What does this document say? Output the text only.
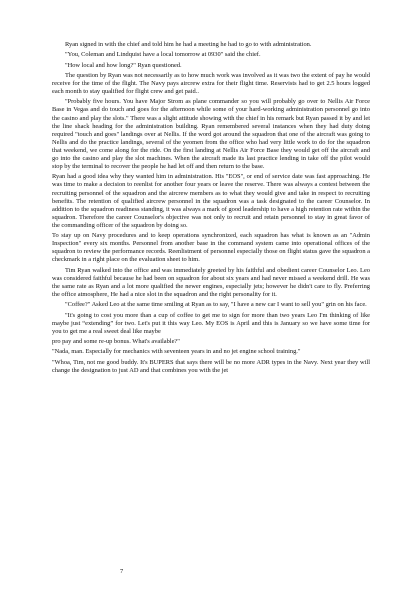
Ryan signed in with the chief and told him he had a meeting he had to go to with administration.

"You, Coleman and Lindquist have a local tomorrow at 0930" said the chief.

"How local and how long?" Ryan questioned.

The question by Ryan was not necessarily as to how much work was involved as it was two the extent of pay he would receive for the time of the flight. The Navy pays aircrew extra for their flight time. Reservists had to get 2.5 hours logged each month to stay qualified for flight crew and get paid..

"Probably five hours. You have Major Strom as plane commander so you will probably go over to Nellis Air Force Base in Vegas and do touch and goes for the afternoon while some of your hard-working administration personnel go into the casino and play the slots." There was a slight attitude showing with the chief in his remark but Ryan passed it by and let the line shack heading for the administration building. Ryan remembered several instances when they had duty doing required "touch and goes" landings over at Nellis. If the word got around the squadron that one of the aircraft was going to Nellis and do the practice landings, several of the yeomen from the office who had very little work to do for the squadron that weekend, we come along for the ride. On the first landing at Nellis Air Force Base they would get off the aircraft and go into the casino and play the slot machines. When the aircraft made its last practice lending in take off the pilot would stop by the terminal to recover the people he had let off and then return to the base.

Ryan had a good idea why they wanted him in administration. His "EOS", or end of service date was fast approaching. He was time to make a decision to reenlist for another four years or leave the reserve. There was always a contest between the recruiting personnel of the squadron and the aircrew members as to what they would give and take in respect to recruiting benefits. The retention of qualified aircrew personnel in the squadron was a task designated to the career Counselor. In addition to the squadron readiness standing, it was always a mark of good leadership to have a high retention rate within the squadron. Therefore the career Counselor's objective was not only to recruit and retain personnel to stay in great favor of the commanding officer of the squadron by doing so.

To stay up on Navy procedures and to keep operations synchronized, each squadron has what is known as an "Admin Inspection" every six months. Personnel from another base in the command system came into operational offices of the squadron to review the performance records. Reenlistment of personnel especially those on flight status gave the squadron a checkmark in a right place on the evaluation sheet to him.

Tim Ryan walked into the office and was immediately greeted by his faithful and obedient career Counselor Leo. Leo was considered faithful because he had been on squadron for about six years and had never missed a weekend drill. He was the same rate as Ryan and a lot more qualified the newer engines, especially jets; however he didn't care to fly. Preferring the office atmosphere, He had a nice slot in the squadron and the right personality for it.

"Coffee?" Asked Leo at the same time smiling at Ryan as to say, "I have a new car I want to sell you" grin on his face.

"It's going to cost you more than a cup of coffee to get me to sign for more than two years Leo I'm thinking of like maybe just “extending” for two. Let's put it this way Leo. My EOS is April and this is January so we have some time for you to get me a real sweet deal like maybe

pro pay and some re-up bonus. What's available?"

"Nada, man. Especially for mechanics with seventeen years in and no jet engine school training."

"Whoa, Tim, not me good buddy. It's BUPERS that says there will be no more ADR types in the Navy. Next year they will change the designation to just AD and that combines you with the jet

7
